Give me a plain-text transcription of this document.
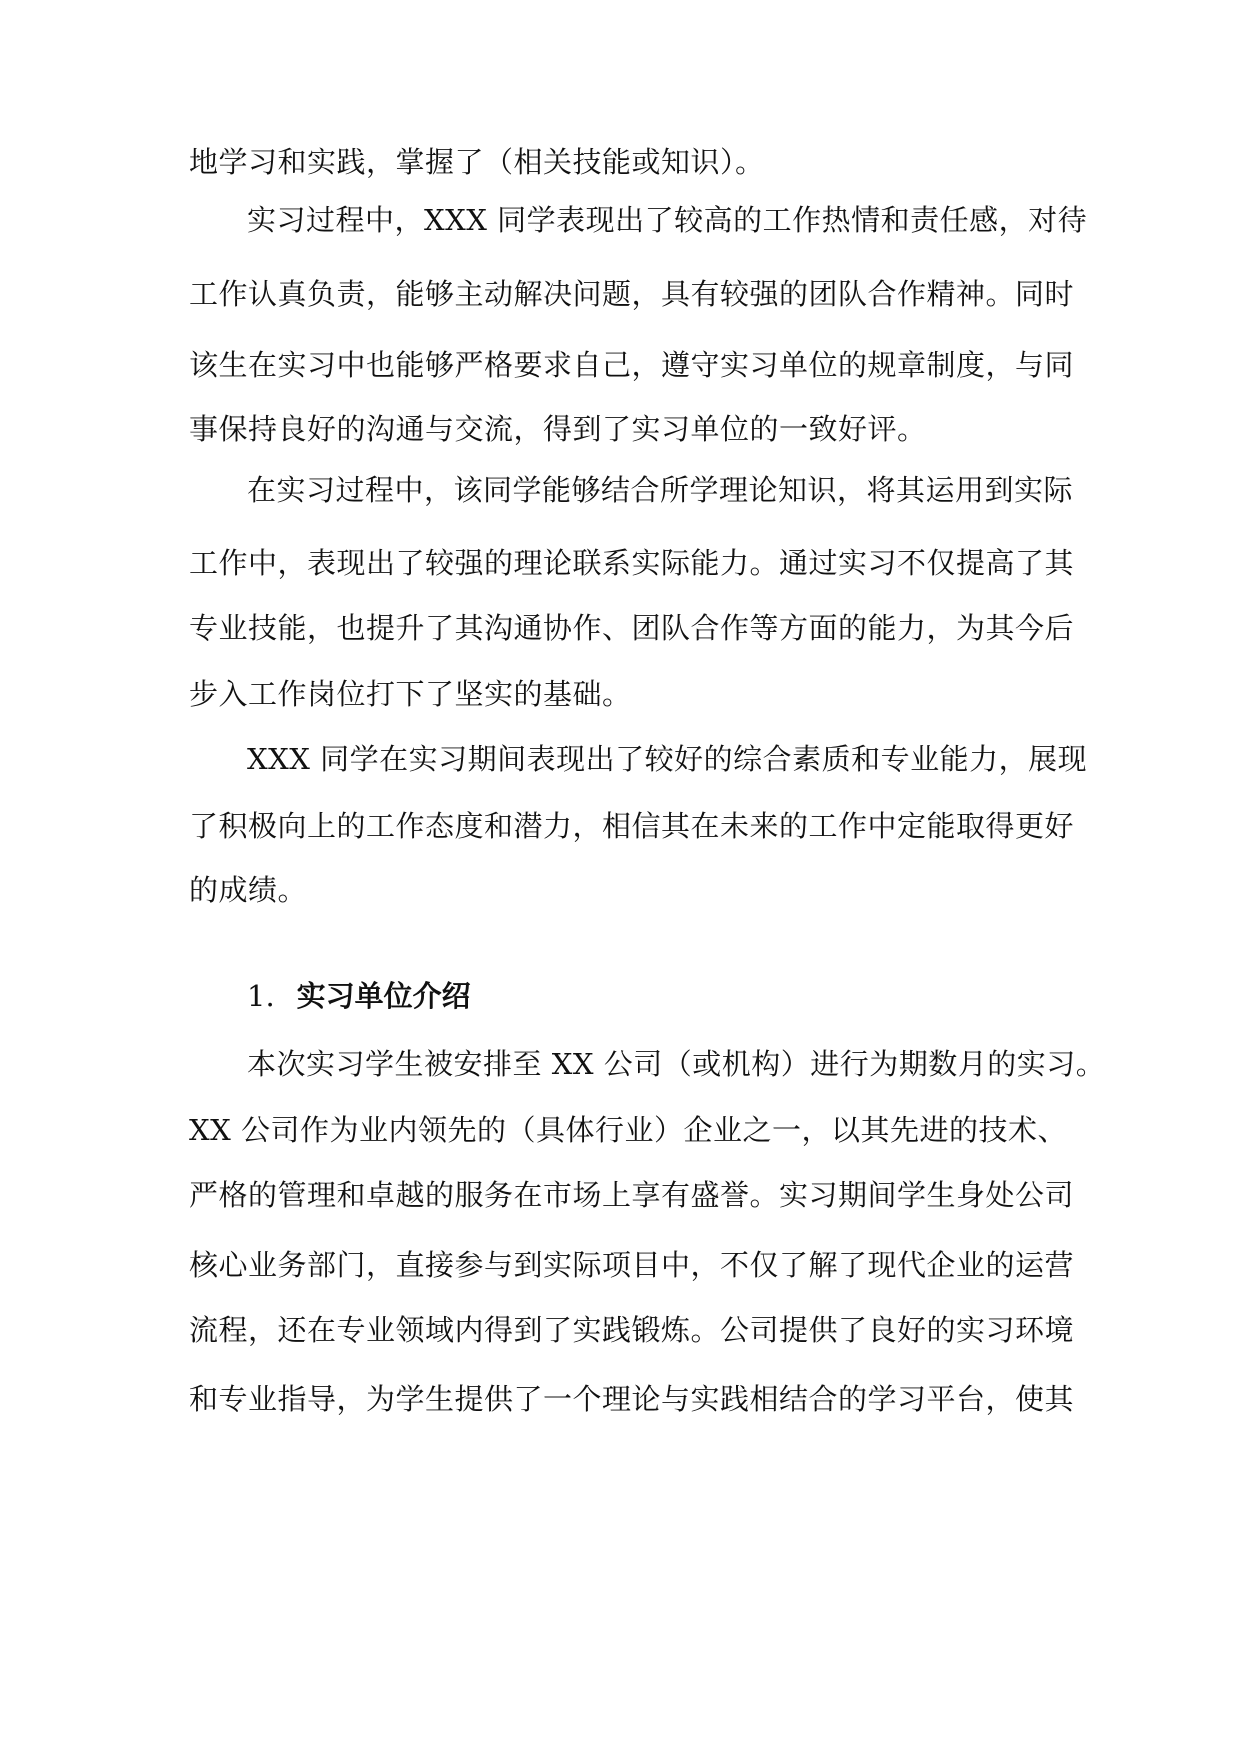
地学习和实践，掌握了（相关技能或知识）。
实习过程中，XXX 同学表现出了较高的工作热情和责任感，对待
工作认真负责，能够主动解决问题，具有较强的团队合作精神。同时
该生在实习中也能够严格要求自己，遵守实习单位的规章制度，与同
事保持良好的沟通与交流，得到了实习单位的一致好评。
在实习过程中，该同学能够结合所学理论知识，将其运用到实际
工作中，表现出了较强的理论联系实际能力。通过实习不仅提高了其
专业技能，也提升了其沟通协作、团队合作等方面的能力，为其今后
步入工作岗位打下了坚实的基础。
XXX 同学在实习期间表现出了较好的综合素质和专业能力，展现
了积极向上的工作态度和潜力，相信其在未来的工作中定能取得更好
的成绩。
1. 实习单位介绍
本次实习学生被安排至 XX 公司（或机构）进行为期数月的实习。
XX 公司作为业内领先的（具体行业）企业之一，以其先进的技术、
严格的管理和卓越的服务在市场上享有盛誉。实习期间学生身处公司
核心业务部门，直接参与到实际项目中，不仅了解了现代企业的运营
流程，还在专业领域内得到了实践锻炼。公司提供了良好的实习环境
和专业指导，为学生提供了一个理论与实践相结合的学习平台，使其
